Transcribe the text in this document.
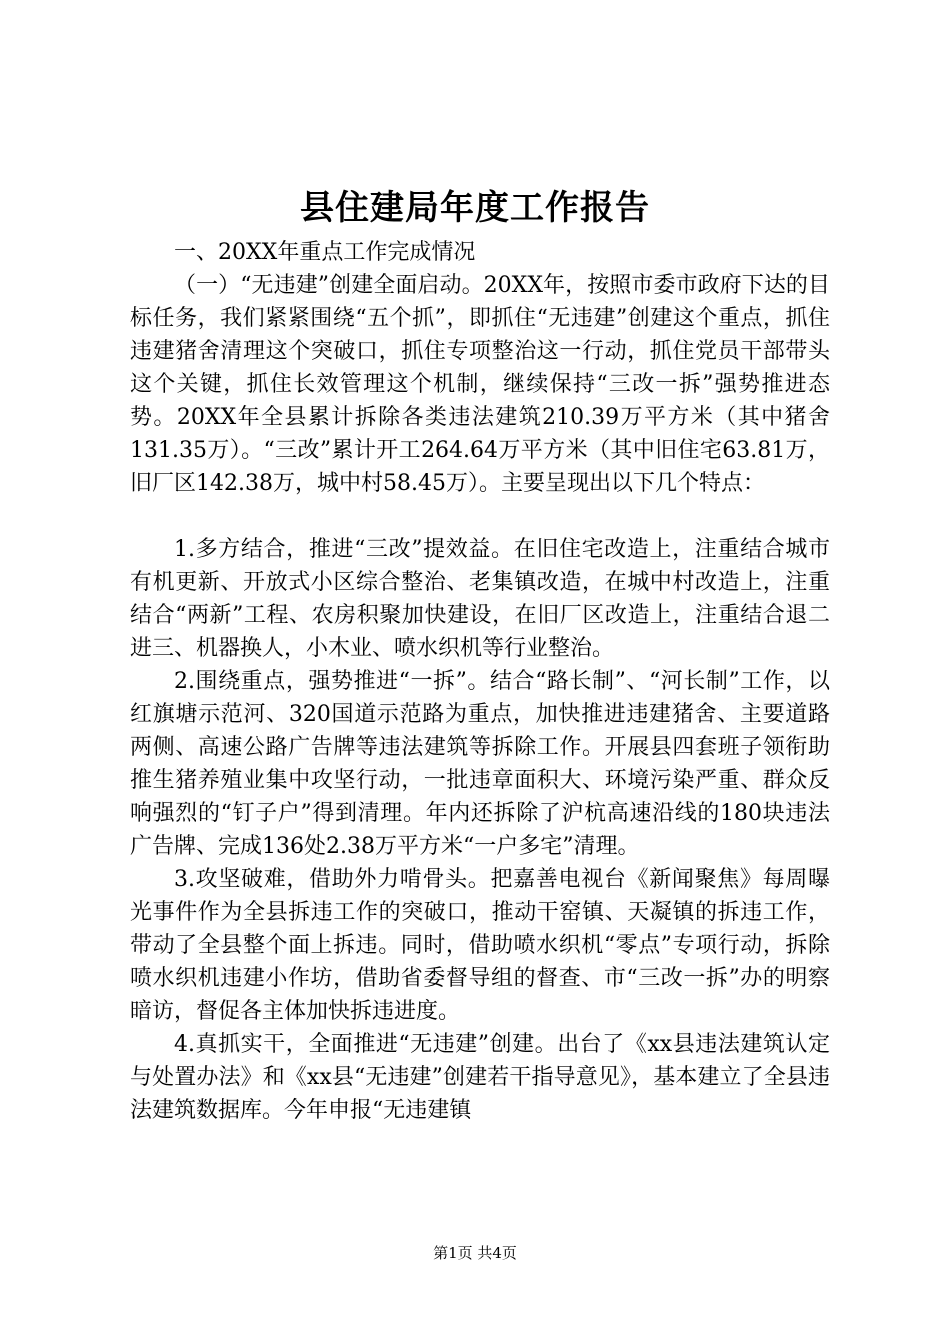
县住建局年度工作报告

一、20XX年重点工作完成情况

（一）“无违建”创建全面启动。20XX年，按照市委市政府下达的目标任务，我们紧紧围绕“五个抓”，即抓住“无违建”创建这个重点，抓住违建猪舍清理这个突破口，抓住专项整治这一行动，抓住党员干部带头这个关键，抓住长效管理这个机制，继续保持“三改一拆”强势推进态势。20XX年全县累计拆除各类违法建筑210.39万平方米（其中猪舍131.35万）。“三改”累计开工264.64万平方米（其中旧住宅63.81万，旧厂区142.38万，城中村58.45万）。主要呈现出以下几个特点：

1.多方结合，推进“三改”提效益。在旧住宅改造上，注重结合城市有机更新、开放式小区综合整治、老集镇改造，在城中村改造上，注重结合“两新”工程、农房积聚加快建设，在旧厂区改造上，注重结合退二进三、机器换人，小木业、喷水织机等行业整治。

2.围绕重点，强势推进“一拆”。结合“路长制”、“河长制”工作，以红旗塘示范河、320国道示范路为重点，加快推进违建猪舍、主要道路两侧、高速公路广告牌等违法建筑等拆除工作。开展县四套班子领衔助推生猪养殖业集中攻坚行动，一批违章面积大、环境污染严重、群众反响强烈的“钉子户”得到清理。年内还拆除了沪杭高速沿线的180块违法广告牌、完成136处2.38万平方米“一户多宅”清理。

3.攻坚破难，借助外力啃骨头。把嘉善电视台《新闻聚焦》每周曝光事件作为全县拆违工作的突破口，推动干窑镇、天凝镇的拆违工作，带动了全县整个面上拆违。同时，借助喷水织机“零点”专项行动，拆除喷水织机违建小作坊，借助省委督导组的督查、市“三改一拆”办的明察暗访，督促各主体加快拆违进度。

4.真抓实干，全面推进“无违建”创建。出台了《xx县违法建筑认定与处置办法》和《xx县“无违建”创建若干指导意见》，基本建立了全县违法建筑数据库。今年申报“无违建镇

第1页 共4页
